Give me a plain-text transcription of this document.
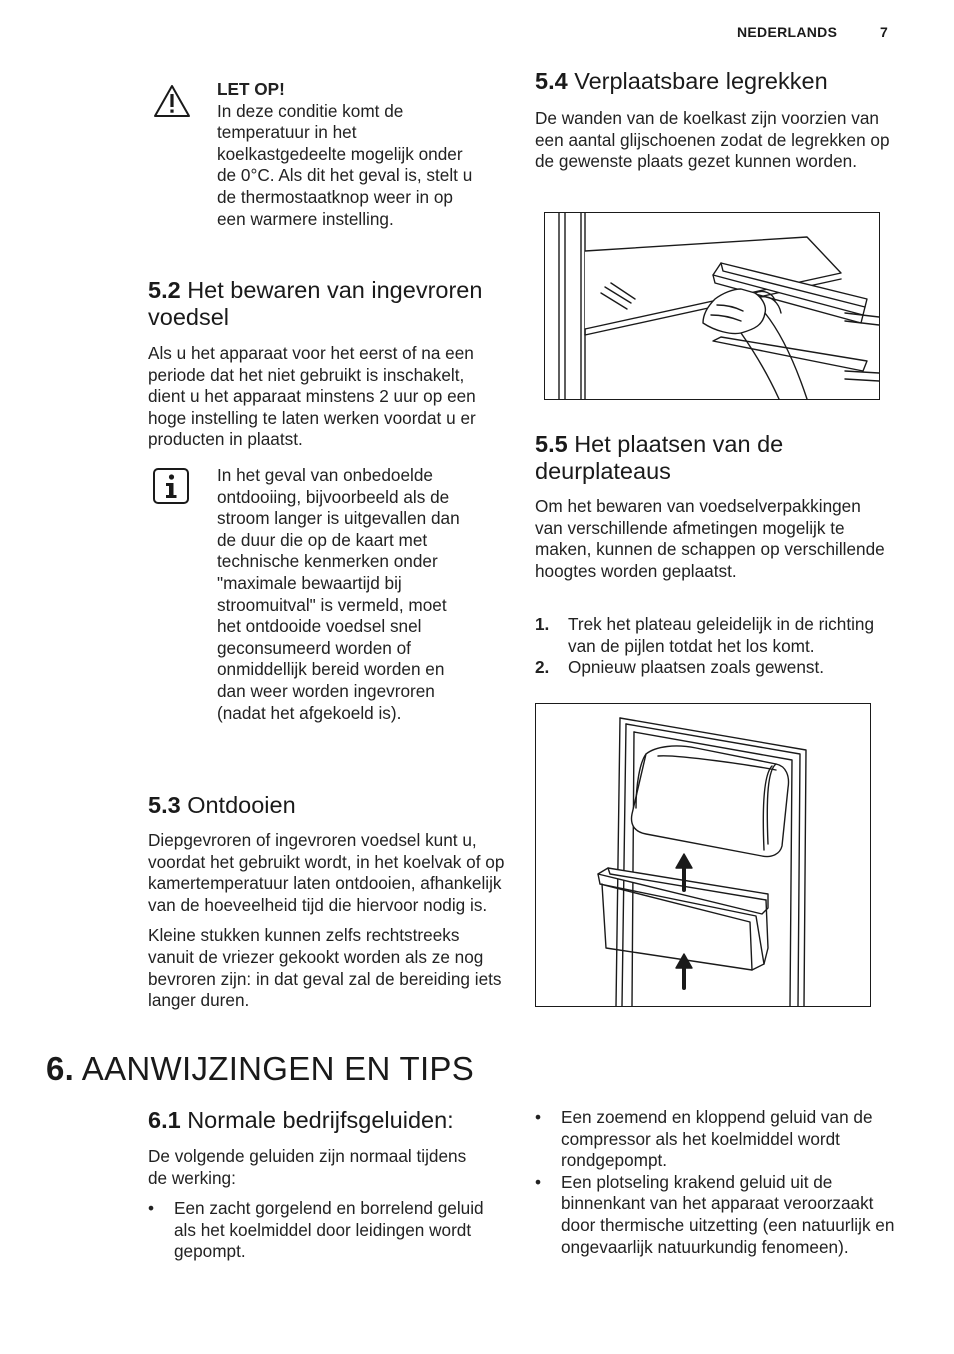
NEDERLANDS	7
LET OP!
In deze conditie komt de temperatuur in het koelkastgedeelte mogelijk onder de 0°C. Als dit het geval is, stelt u de thermostaatknop weer in op een warmere instelling.
5.2 Het bewaren van ingevroren voedsel
Als u het apparaat voor het eerst of na een periode dat het niet gebruikt is inschakelt, dient u het apparaat minstens 2 uur op een hoge instelling te laten werken voordat u er producten in plaatst.
In het geval van onbedoelde ontdooiing, bijvoorbeeld als de stroom langer is uitgevallen dan de duur die op de kaart met technische kenmerken onder "maximale bewaartijd bij stroomuitval" is vermeld, moet het ontdooide voedsel snel geconsumeerd worden of onmiddellijk bereid worden en dan weer worden ingevroren (nadat het afgekoeld is).
5.3 Ontdooien

Diepgevroren of ingevroren voedsel kunt u, voordat het gebruikt wordt, in het koelvak of op kamertemperatuur laten ontdooien, afhankelijk van de hoeveelheid tijd die hiervoor nodig is.

Kleine stukken kunnen zelfs rechtstreeks vanuit de vriezer gekookt worden als ze nog bevroren zijn: in dat geval zal de bereiding iets langer duren.

5.4 Verplaatsbare legrekken
De wanden van de koelkast zijn voorzien van een aantal glijschoenen zodat de legrekken op de gewenste plaats gezet kunnen worden.
5.5 Het plaatsen van de deurplateaus
Om het bewaren van voedselverpakkingen van verschillende afmetingen mogelijk te maken, kunnen de schappen op verschillende hoogtes worden geplaatst.
1. Trek het plateau geleidelijk in de richting van de pijlen totdat het los komt.
2. Opnieuw plaatsen zoals gewenst.
6. AANWIJZINGEN EN TIPS
6.1 Normale bedrijfsgeluiden:
De volgende geluiden zijn normaal tijdens de werking:
• Een zacht gorgelend en borrelend geluid als het koelmiddel door leidingen wordt gepompt.
• Een zoemend en kloppend geluid van de compressor als het koelmiddel wordt rondgepompt.
• Een plotseling krakend geluid uit de binnenkant van het apparaat veroorzaakt door thermische uitzetting (een natuurlijk en ongevaarlijk natuurkundig fenomeen).
